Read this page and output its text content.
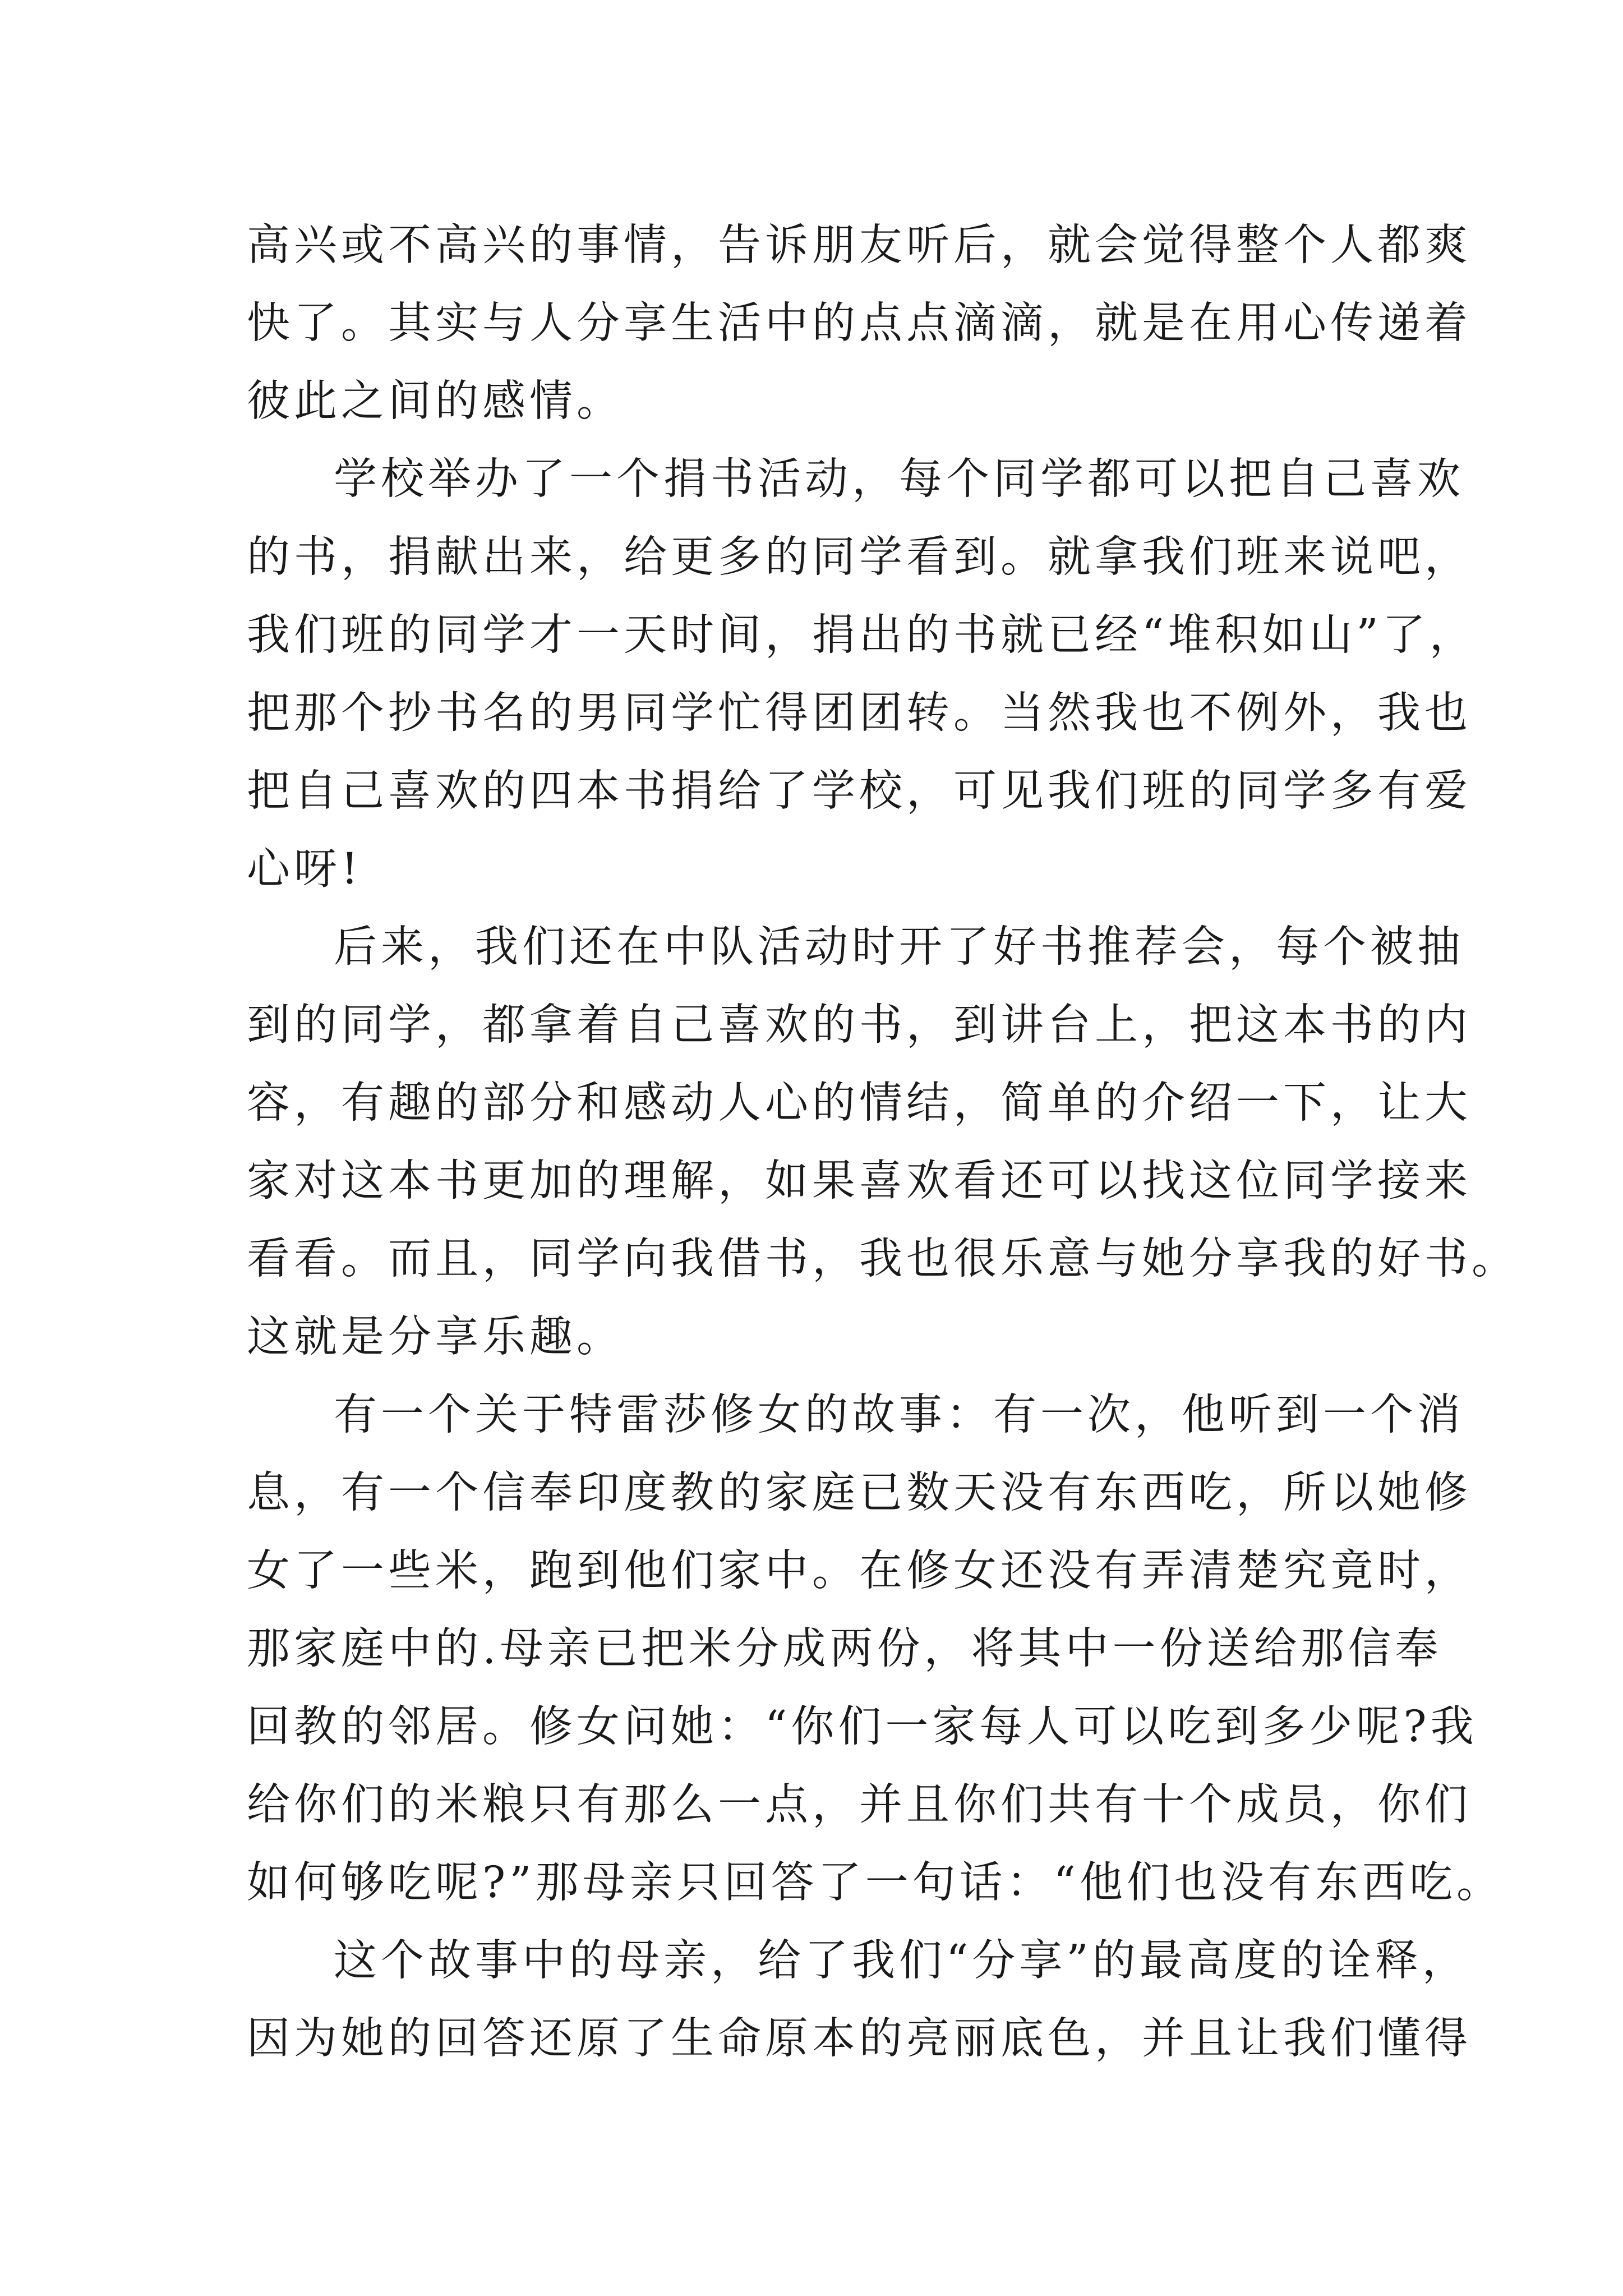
高兴或不高兴的事情，告诉朋友听后，就会觉得整个人都爽
快了。其实与人分享生活中的点点滴滴，就是在用心传递着
彼此之间的感情。
学校举办了一个捐书活动，每个同学都可以把自己喜欢
的书，捐献出来，给更多的同学看到。就拿我们班来说吧，
我们班的同学才一天时间，捐出的书就已经“堆积如山”了，
把那个抄书名的男同学忙得团团转。当然我也不例外，我也
把自己喜欢的四本书捐给了学校，可见我们班的同学多有爱
心呀!
后来，我们还在中队活动时开了好书推荐会，每个被抽
到的同学，都拿着自己喜欢的书，到讲台上，把这本书的内
容，有趣的部分和感动人心的情结，简单的介绍一下，让大
家对这本书更加的理解，如果喜欢看还可以找这位同学接来
看看。而且，同学向我借书，我也很乐意与她分享我的好书。
这就是分享乐趣。
有一个关于特雷莎修女的故事：有一次，他听到一个消
息，有一个信奉印度教的家庭已数天没有东西吃，所以她修
女了一些米，跑到他们家中。在修女还没有弄清楚究竟时，
那家庭中的.母亲已把米分成两份，将其中一份送给那信奉
回教的邻居。修女问她：“你们一家每人可以吃到多少呢?我
给你们的米粮只有那么一点，并且你们共有十个成员，你们
如何够吃呢?”那母亲只回答了一句话：“他们也没有东西吃。
这个故事中的母亲，给了我们“分享”的最高度的诠释，
因为她的回答还原了生命原本的亮丽底色，并且让我们懂得
